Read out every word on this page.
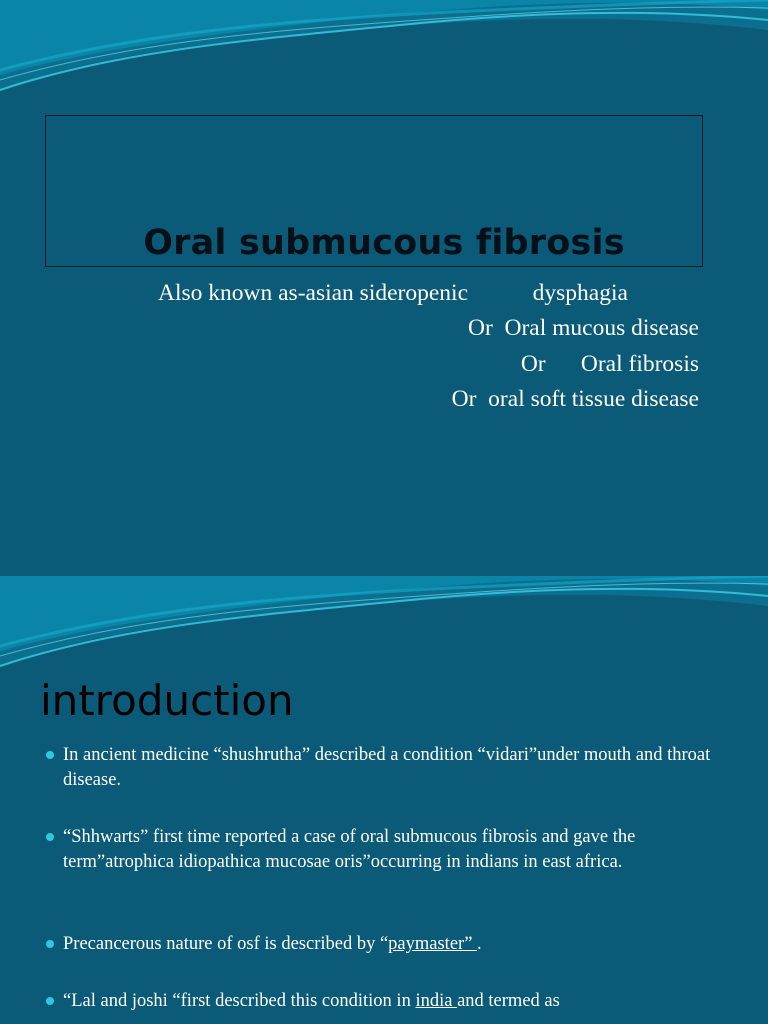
Oral submucous fibrosis
Also known as-asian sideropenic           dysphagia
Or  Oral mucous disease
Or      Oral fibrosis
Or  oral soft tissue disease
introduction
In ancient medicine “shushrutha” described a condition “vidari”under mouth and throat disease.
“Shhwarts” first time reported a case of oral submucous fibrosis and gave the term”atrophica idiopathica mucosae oris”occurring in indians in east africa.
Precancerous nature of osf is described by “paymaster” .
“Lal and joshi “first described this condition in india and termed as
